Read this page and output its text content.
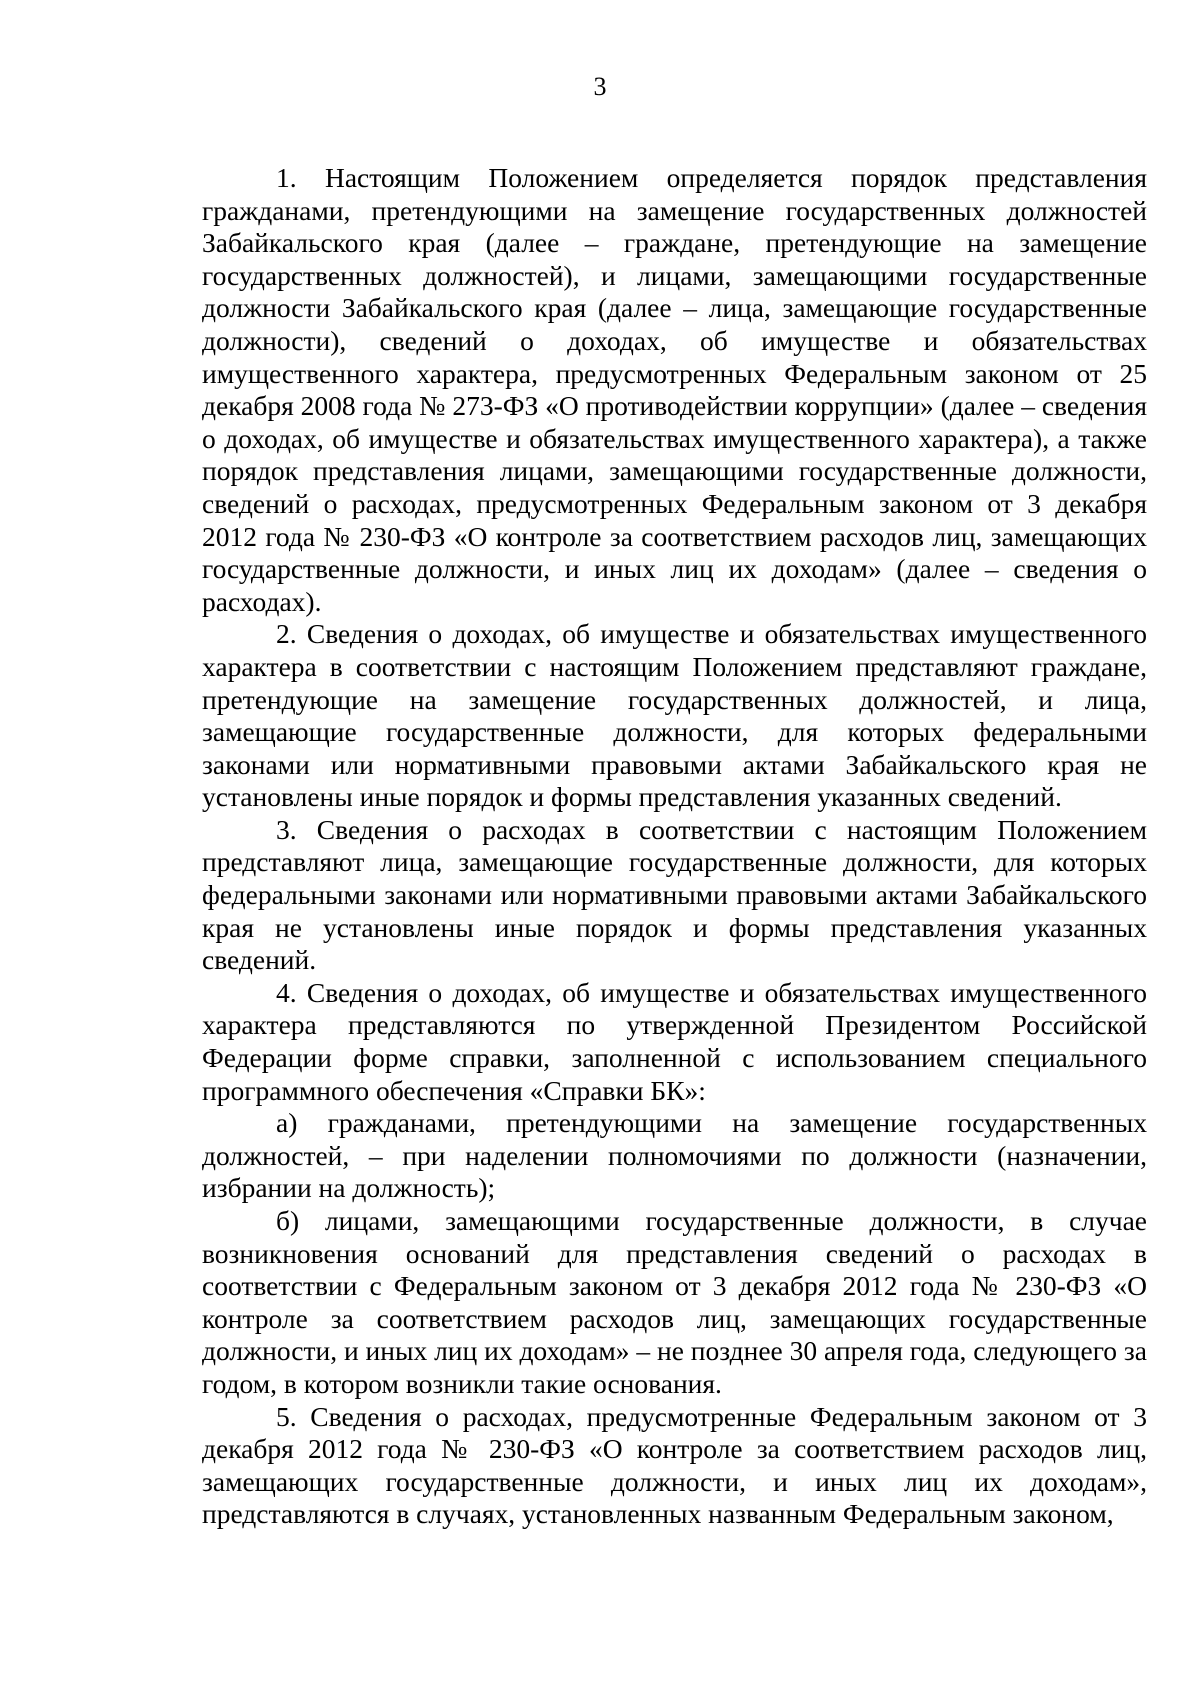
3

1. Настоящим Положением определяется порядок представления гражданами, претендующими на замещение государственных должностей Забайкальского края (далее – граждане, претендующие на замещение государственных должностей), и лицами, замещающими государственные должности Забайкальского края (далее – лица, замещающие государственные должности), сведений о доходах, об имуществе и обязательствах имущественного характера, предусмотренных Федеральным законом от 25 декабря 2008 года № 273-ФЗ «О противодействии коррупции» (далее – сведения о доходах, об имуществе и обязательствах имущественного характера), а также порядок представления лицами, замещающими государственные должности, сведений о расходах, предусмотренных Федеральным законом от 3 декабря 2012 года № 230-ФЗ «О контроле за соответствием расходов лиц, замещающих государственные должности, и иных лиц их доходам» (далее – сведения о расходах).

2. Сведения о доходах, об имуществе и обязательствах имущественного характера в соответствии с настоящим Положением представляют граждане, претендующие на замещение государственных должностей, и лица, замещающие государственные должности, для которых федеральными законами или нормативными правовыми актами Забайкальского края не установлены иные порядок и формы представления указанных сведений.

3. Сведения о расходах в соответствии с настоящим Положением представляют лица, замещающие государственные должности, для которых федеральными законами или нормативными правовыми актами Забайкальского края не установлены иные порядок и формы представления указанных сведений.

4. Сведения о доходах, об имуществе и обязательствах имущественного характера представляются по утвержденной Президентом Российской Федерации форме справки, заполненной с использованием специального программного обеспечения «Справки БК»:

а) гражданами, претендующими на замещение государственных должностей, – при наделении полномочиями по должности (назначении, избрании на должность);

б) лицами, замещающими государственные должности, в случае возникновения оснований для представления сведений о расходах в соответствии с Федеральным законом от 3 декабря 2012 года № 230-ФЗ «О контроле за соответствием расходов лиц, замещающих государственные должности, и иных лиц их доходам» – не позднее 30 апреля года, следующего за годом, в котором возникли такие основания.

5. Сведения о расходах, предусмотренные Федеральным законом от 3 декабря 2012 года № 230-ФЗ «О контроле за соответствием расходов лиц, замещающих государственные должности, и иных лиц их доходам», представляются в случаях, установленных названным Федеральным законом,
